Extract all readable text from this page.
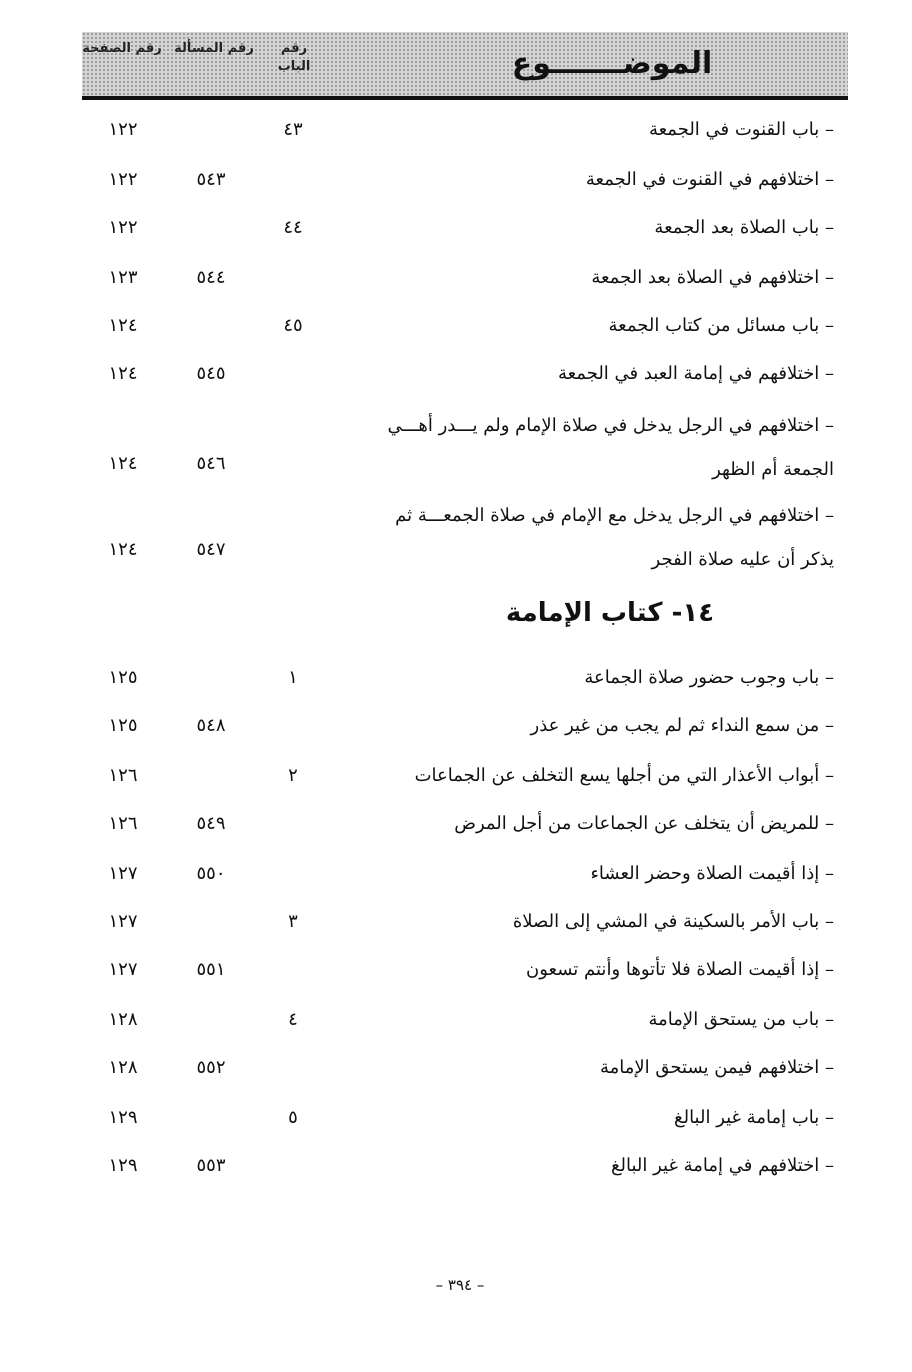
رقم الصفحة رقم المسألة	رقم الباب	الموضـــــــوع
– باب القنوت في الجمعة
٤٣
١٢٢
– اختلافهم في القنوت في الجمعة
٥٤٣
١٢٢
– باب الصلاة بعد الجمعة
٤٤
١٢٢
– اختلافهم في الصلاة بعد الجمعة
٥٤٤
١٢٣
– باب مسائل من كتاب الجمعة
٤٥
١٢٤
– اختلافهم في إمامة العبد في الجمعة
٥٤٥
١٢٤
– اختلافهم في الرجل يدخل في صلاة الإمام ولم يـــدر أهـــي الجمعة أم الظهر
٥٤٦
١٢٤
– اختلافهم في الرجل يدخل مع الإمام في صلاة الجمعـــة ثم يذكر أن عليه صلاة الفجر
٥٤٧
١٢٤
١٤- كتاب الإمامة
– باب وجوب حضور صلاة الجماعة
١
١٢٥
– من سمع النداء ثم لم يجب من غير عذر
٥٤٨
١٢٥
– أبواب الأعذار التي من أجلها يسع التخلف عن الجماعات
٢
١٢٦
– للمريض أن يتخلف عن الجماعات من أجل المرض
٥٤٩
١٢٦
– إذا أقيمت الصلاة وحضر العشاء
٥٥٠
١٢٧
– باب الأمر بالسكينة في المشي إلى الصلاة
٣
١٢٧
– إذا أقيمت الصلاة فلا تأتوها وأنتم تسعون
٥٥١
١٢٧
– باب من يستحق الإمامة
٤
١٢٨
– اختلافهم فيمن يستحق الإمامة
٥٥٢
١٢٨
– باب إمامة غير البالغ
٥
١٢٩
– اختلافهم في إمامة غير البالغ
٥٥٣
١٢٩
– ٣٩٤ –
